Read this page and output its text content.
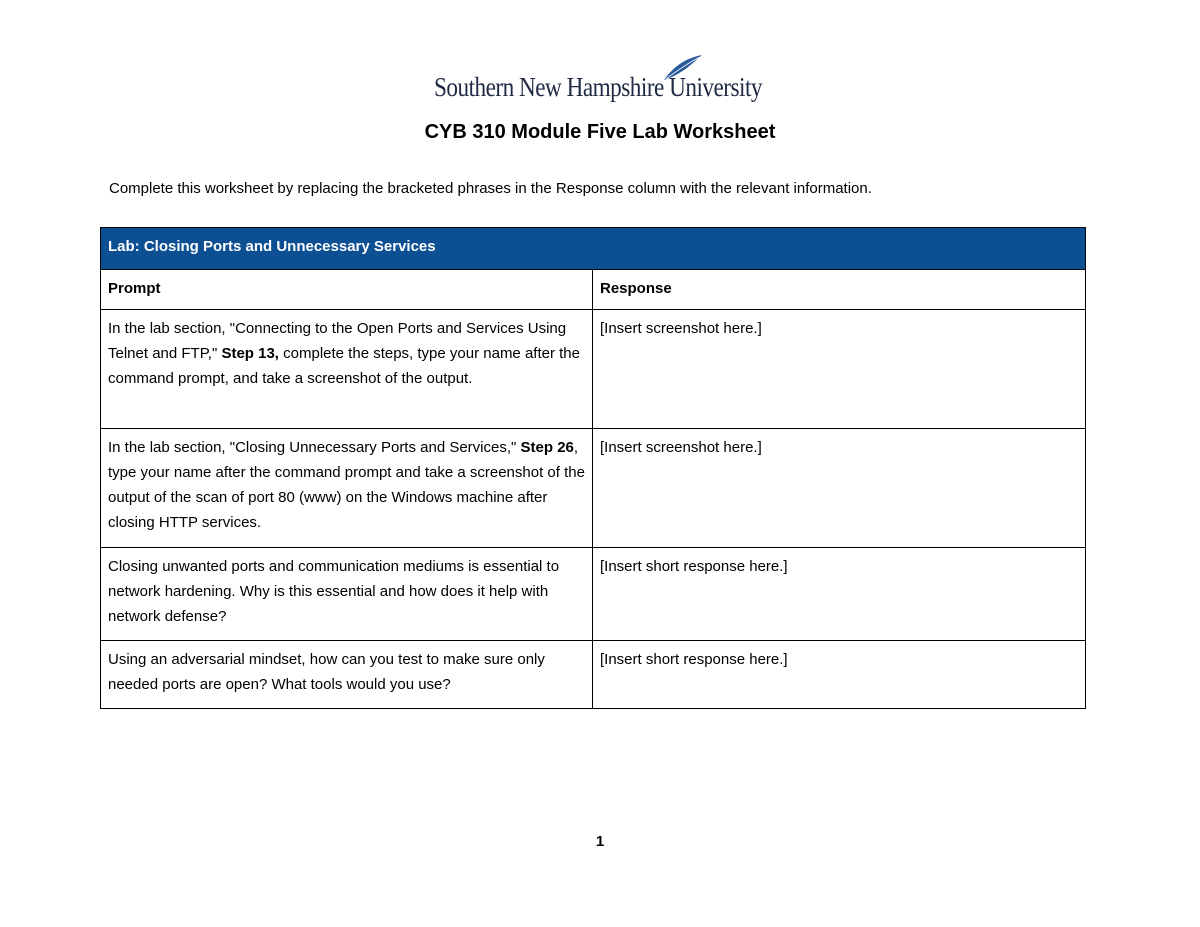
Southern New Hampshire University
CYB 310 Module Five Lab Worksheet

Complete this worksheet by replacing the bracketed phrases in the Response column with the relevant information.

Lab: Closing Ports and Unnecessary Services	
Prompt	Response
In the lab section, "Connecting to the Open Ports and Services Using Telnet and FTP," Step 13, complete the steps, type your name after the command prompt, and take a screenshot of the output.	[Insert screenshot here.]
In the lab section, "Closing Unnecessary Ports and Services," Step 26, type your name after the command prompt and take a screenshot of the output of the scan of port 80 (www) on the Windows machine after closing HTTP services.	[Insert screenshot here.]
Closing unwanted ports and communication mediums is essential to network hardening. Why is this essential and how does it help with network defense?	[Insert short response here.]
Using an adversarial mindset, how can you test to make sure only needed ports are open? What tools would you use?	[Insert short response here.]

1
